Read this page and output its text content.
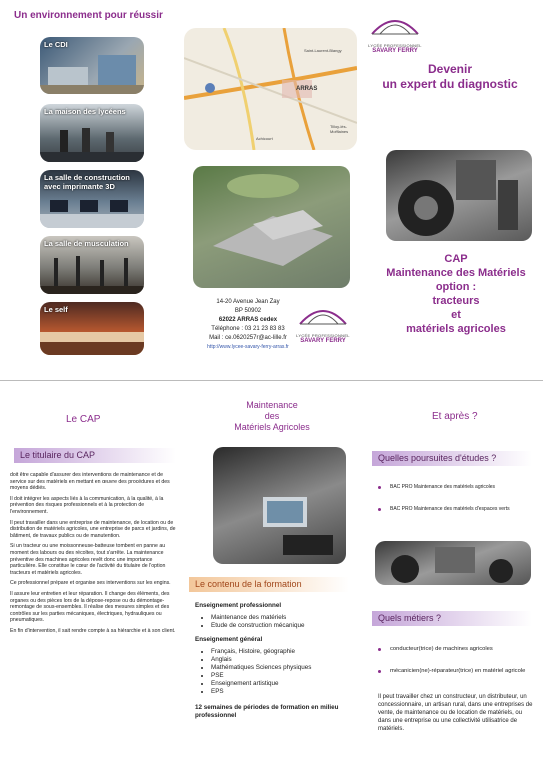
Un environnement pour réussir
Le CDI
La maison des lycéens
La salle de construction avec imprimante 3D
La salle de musculation
Le self
ARRAS
Saint-Laurent-Blangy
Achicourt
Tilloy-lès-Mofflaines
LYCÉE PROFESSIONNEL
SAVARY FERRY
Devenir
un expert du diagnostic
CAP
Maintenance des Matériels
option :
tracteurs
et
matériels agricoles
14-20 Avenue Jean Zay
BP 50902
62022 ARRAS cedex
Téléphone : 03 21 23 83 83
Mail : ce.0620257r@ac-lille.fr
http://www.lycee-savary-ferry-arras.fr
LYCÉE PROFESSIONNEL
SAVARY FERRY
Le CAP
Maintenance
des
Matériels Agricoles
Et après ?
Le titulaire du CAP

doit être capable d'assurer des interventions de maintenance et de service sur des matériels en mettant en œuvre des procédures et des moyens dédiés.

Il doit intégrer les aspects liés à la communication, à la qualité, à la prévention des risques professionnels et à la protection de l'environnement.

Il peut travailler dans une entreprise de maintenance, de location ou de distribution de matériels agricoles, une entreprise de parcs et jardins, de bâtiment, de travaux publics ou de manutention.

Si un tracteur ou une moissonneuse-batteuse tombent en panne au moment des labours ou des récoltes, tout s'arrête. La maintenance préventive des machines agricoles revêt donc une importance particulière. Elle constitue le cœur de l'activité du titulaire de l'option tracteurs et matériels agricoles.

Ce professionnel prépare et organise ses interventions sur les engins.

Il assure leur entretien et leur réparation. Il change des éléments, des organes ou des pièces lors de la dépose-repose ou du démontage-remontage de sous-ensembles. Il réalise des mesures simples et des contrôles sur les parties mécaniques, électriques, hydrauliques ou pneumatiques.

En fin d'intervention, il sait rendre compte à sa hiérarchie et à son client.

Le contenu de la formation
Enseignement professionnel
• Maintenance des matériels
• Etude de construction mécanique
Enseignement général
• Français, Histoire, géographie
• Anglais
• Mathématiques Sciences physiques
• PSE
• Enseignement artistique
• EPS
12 semaines de périodes de formation en milieu professionnel
Quelles poursuites d'études ?
BAC PRO Maintenance des matériels agricoles
BAC PRO Maintenance des matériels d'espaces verts
Quels métiers ?
conducteur(trice) de machines agricoles
mécanicien(ne)-réparateur(trice) en matériel agricole
Il peut travailler chez un constructeur, un distributeur, un concessionnaire, un artisan rural, dans une entreprises de vente, de maintenance ou de location de matériels, ou dans une entreprise ou une collectivité utilisatrice de matériels.
